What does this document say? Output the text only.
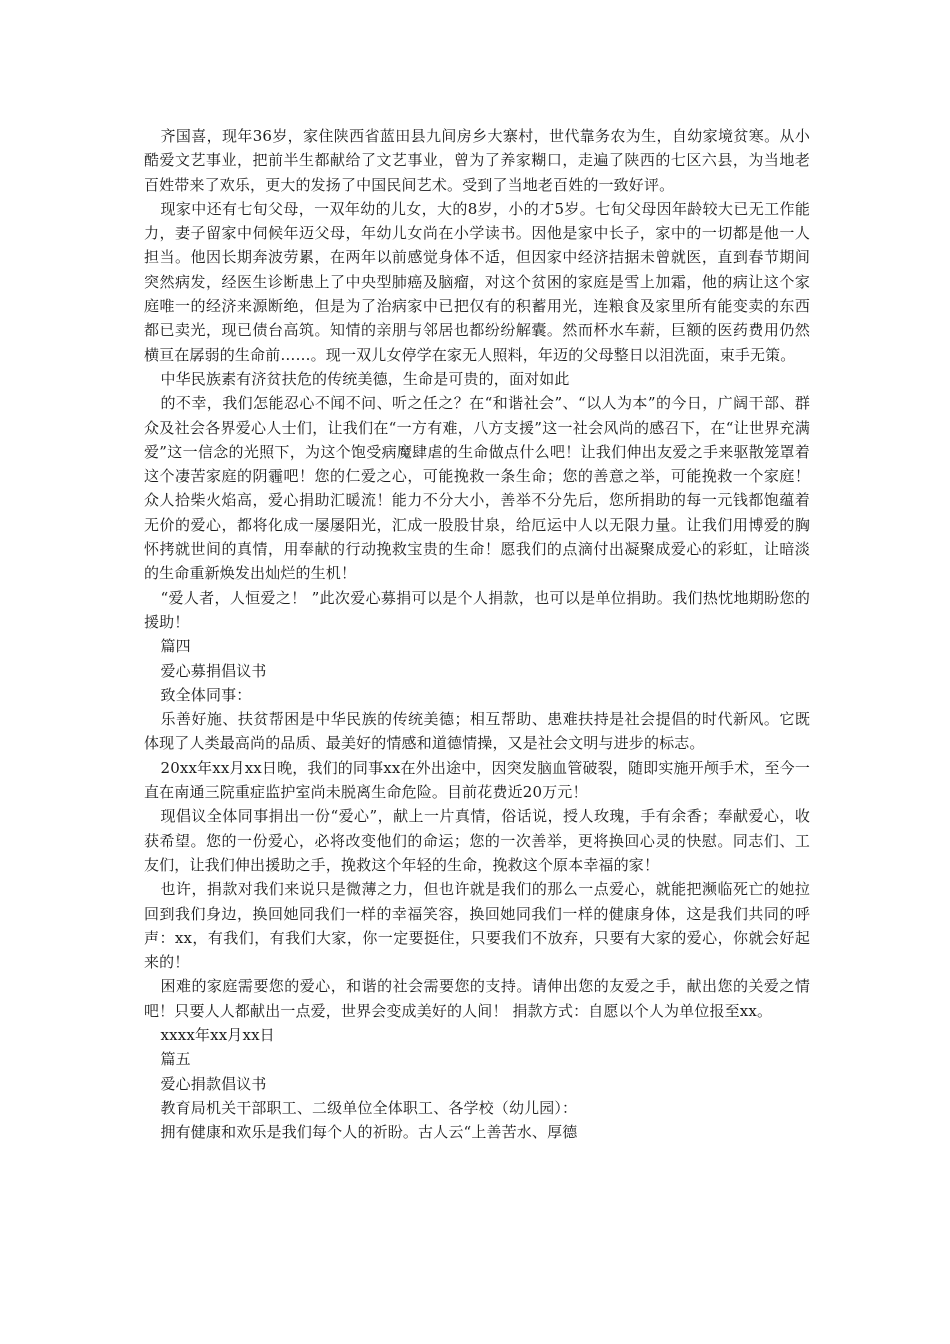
齐国喜，现年36岁，家住陕西省蓝田县九间房乡大寨村，世代靠务农为生，自幼家境贫寒。从小酷爱文艺事业，把前半生都献给了文艺事业，曾为了养家糊口，走遍了陕西的七区六县，为当地老百姓带来了欢乐，更大的发扬了中国民间艺术。受到了当地老百姓的一致好评。

现家中还有七旬父母，一双年幼的儿女，大的8岁，小的才5岁。七旬父母因年龄较大已无工作能力，妻子留家中伺候年迈父母，年幼儿女尚在小学读书。因他是家中长子，家中的一切都是他一人担当。他因长期奔波劳累，在两年以前感觉身体不适，但因家中经济拮据未曾就医，直到春节期间突然病发，经医生诊断患上了中央型肺癌及脑瘤，对这个贫困的家庭是雪上加霜，他的病让这个家庭唯一的经济来源断绝，但是为了治病家中已把仅有的积蓄用光，连粮食及家里所有能变卖的东西都已卖光，现已债台高筑。知情的亲朋与邻居也都纷纷解囊。然而杯水车薪，巨额的医药费用仍然横亘在孱弱的生命前……。现一双儿女停学在家无人照料，年迈的父母整日以泪洗面，束手无策。

中华民族素有济贫扶危的传统美德，生命是可贵的，面对如此

的不幸，我们怎能忍心不闻不问、听之任之？在“和谐社会”、“以人为本”的今日，广阔干部、群众及社会各界爱心人士们，让我们在“一方有难，八方支援”这一社会风尚的感召下，在“让世界充满爱”这一信念的光照下，为这个饱受病魔肆虐的生命做点什么吧！让我们伸出友爱之手来驱散笼罩着这个凄苦家庭的阴霾吧！您的仁爱之心，可能挽救一条生命；您的善意之举，可能挽救一个家庭！众人拾柴火焰高，爱心捐助汇暖流！能力不分大小，善举不分先后，您所捐助的每一元钱都饱蕴着无价的爱心，都将化成一屡屡阳光，汇成一股股甘泉，给厄运中人以无限力量。让我们用博爱的胸怀拷就世间的真情，用奉献的行动挽救宝贵的生命！愿我们的点滴付出凝聚成爱心的彩虹，让暗淡的生命重新焕发出灿烂的生机！

“爱人者，人恒爱之！ ”此次爱心募捐可以是个人捐款，也可以是单位捐助。我们热忱地期盼您的援助！

篇四

爱心募捐倡议书

致全体同事：

乐善好施、扶贫帮困是中华民族的传统美德；相互帮助、患难扶持是社会提倡的时代新风。它既体现了人类最高尚的品质、最美好的情感和道德情操，又是社会文明与进步的标志。

20xx年xx月xx日晚，我们的同事xx在外出途中，因突发脑血管破裂，随即实施开颅手术，至今一直在南通三院重症监护室尚未脱离生命危险。目前花费近20万元！

现倡议全体同事捐出一份“爱心”，献上一片真情，俗话说，授人玫瑰，手有余香；奉献爱心，收获希望。您的一份爱心，必将改变他们的命运；您的一次善举，更将换回心灵的快慰。同志们、工友们，让我们伸出援助之手，挽救这个年轻的生命，挽救这个原本幸福的家！

也许，捐款对我们来说只是微薄之力，但也许就是我们的那么一点爱心，就能把濒临死亡的她拉回到我们身边，换回她同我们一样的幸福笑容，换回她同我们一样的健康身体，这是我们共同的呼声：xx，有我们，有我们大家，你一定要挺住，只要我们不放弃，只要有大家的爱心，你就会好起来的！

困难的家庭需要您的爱心，和谐的社会需要您的支持。请伸出您的友爱之手，献出您的关爱之情吧！只要人人都献出一点爱，世界会变成美好的人间！ 捐款方式：自愿以个人为单位报至xx。

xxxx年xx月xx日

篇五

爱心捐款倡议书

教育局机关干部职工、二级单位全体职工、各学校（幼儿园）：

拥有健康和欢乐是我们每个人的祈盼。古人云“上善苦水、厚德
